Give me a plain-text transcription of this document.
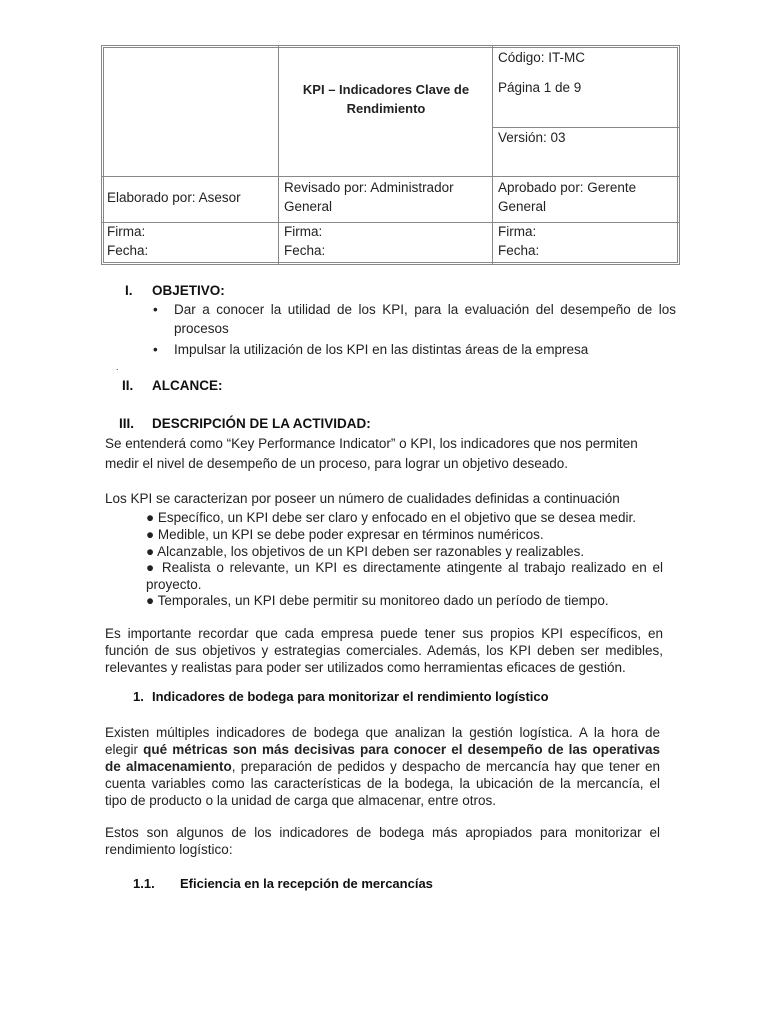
KPI – Indicadores Clave de
Rendimiento
Código: IT-MC
Página 1 de 9
Versión: 03
Elaborado por: Asesor
Revisado por: Administrador
General
Aprobado por: Gerente
General
Firma:
Fecha:
Firma:
Fecha:
Firma:
Fecha:
I. OBJETIVO:
• Dar a conocer la utilidad de los KPI, para la evaluación del desempeño de los
procesos
• Impulsar la utilización de los KPI en las distintas áreas de la empresa
.
II. ALCANCE:
III. DESCRIPCIÓN DE LA ACTIVIDAD:
Se entenderá como “Key Performance Indicator” o KPI, los indicadores que nos permiten
medir el nivel de desempeño de un proceso, para lograr un objetivo deseado.
Los KPI se caracterizan por poseer un número de cualidades definidas a continuación
● Específico, un KPI debe ser claro y enfocado en el objetivo que se desea medir.
● Medible, un KPI se debe poder expresar en términos numéricos.
● Alcanzable, los objetivos de un KPI deben ser razonables y realizables.
● Realista o relevante, un KPI es directamente atingente al trabajo realizado en el
proyecto.
● Temporales, un KPI debe permitir su monitoreo dado un período de tiempo.
Es importante recordar que cada empresa puede tener sus propios KPI específicos, en
función de sus objetivos y estrategias comerciales. Además, los KPI deben ser medibles,
relevantes y realistas para poder ser utilizados como herramientas eficaces de gestión.
1. Indicadores de bodega para monitorizar el rendimiento logístico
Existen múltiples indicadores de bodega que analizan la gestión logística. A la hora de
elegir qué métricas son más decisivas para conocer el desempeño de las operativas
de almacenamiento, preparación de pedidos y despacho de mercancía hay que tener en
cuenta variables como las características de la bodega, la ubicación de la mercancía, el
tipo de producto o la unidad de carga que almacenar, entre otros.
Estos son algunos de los indicadores de bodega más apropiados para monitorizar el
rendimiento logístico:
1.1. Eficiencia en la recepción de mercancías
